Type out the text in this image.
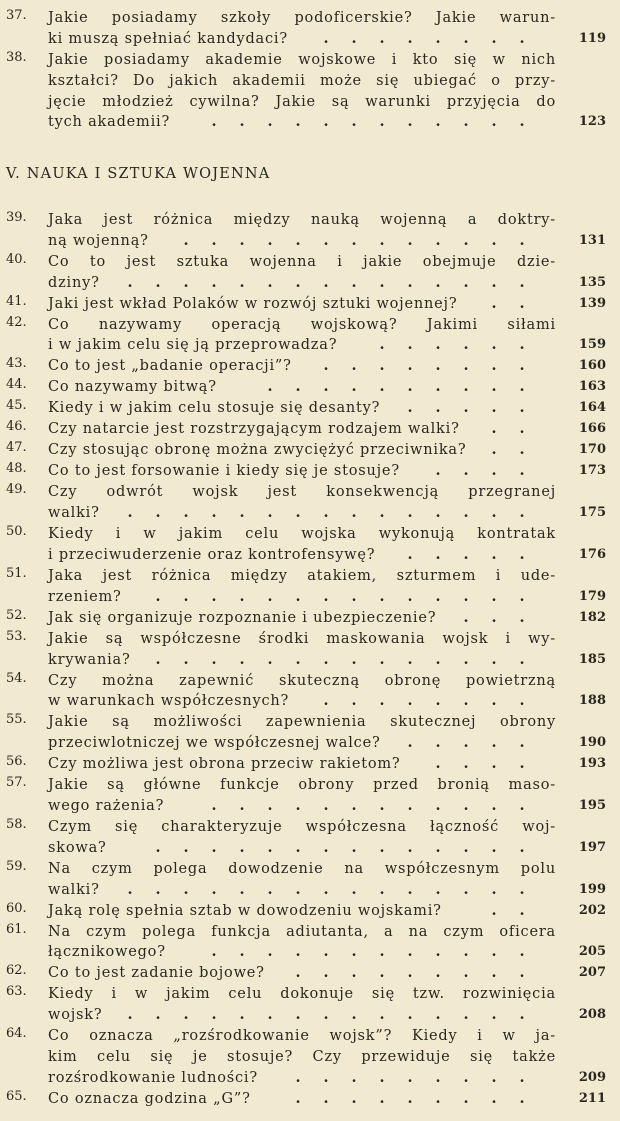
V. NAUKA I SZTUKA WOJENNA
37.	Jakie posiadamy szkoły podoficerskie? Jakie warun-
ki muszą spełniać kandydaci?	119
. . . . . . . .
38.	Jakie posiadamy akademie wojskowe i kto się w nich
kształci? Do jakich akademii może się ubiegać o przy-
jęcie młodzież cywilna? Jakie są warunki przyjęcia do
tych akademii?	123
. . . . . . . . . . . .
39.	Jaka jest różnica między nauką wojenną a doktry-
ną wojenną?	131
. . . . . . . . . . . . .
40.	Co to jest sztuka wojenna i jakie obejmuje dzie-
dziny?	135
. . . . . . . . . . . . . . .
41.	Jaki jest wkład Polaków w rozwój sztuki wojennej?	139
. .
42.	Co nazywamy operacją wojskową? Jakimi siłami
i w jakim celu się ją przeprowadza?	159
. . . . . .
43.	Co to jest „badanie operacji”?	160
. . . . . . . .
44.	Co nazywamy bitwą?	163
. . . . . . . . . .
45.	Kiedy i w jakim celu stosuje się desanty?	164
. . . . .
46.	Czy natarcie jest rozstrzygającym rodzajem walki?	166
. .
47.	Czy stosując obronę można zwyciężyć przeciwnika?	170
. .
48.	Co to jest forsowanie i kiedy się je stosuje?	173
. . . .
49.	Czy odwrót wojsk jest konsekwencją przegranej
walki?	175
. . . . . . . . . . . . . . .
50.	Kiedy i w jakim celu wojska wykonują kontratak
i przeciwuderzenie oraz kontrofensywę?	176
. . . . .
51.	Jaka jest różnica między atakiem, szturmem i ude-
rzeniem?	179
. . . . . . . . . . . . . .
52.	Jak się organizuje rozpoznanie i ubezpieczenie?	182
. . .
53.	Jakie są współczesne środki maskowania wojsk i wy-
krywania?	185
. . . . . . . . . . . . . .
54.	Czy można zapewnić skuteczną obronę powietrzną
w warunkach współczesnych?	188
. . . . . . . .
55.	Jakie są możliwości zapewnienia skutecznej obrony
przeciwlotniczej we współczesnej walce?	190
. . . . .
56.	Czy możliwa jest obrona przeciw rakietom?	193
. . . .
57.	Jakie są główne funkcje obrony przed bronią maso-
wego rażenia?	195
. . . . . . . . . . . .
58.	Czym się charakteryzuje współczesna łączność woj-
skowa?	197
. . . . . . . . . . . . . .
59.	Na czym polega dowodzenie na współczesnym polu
walki?	199
. . . . . . . . . . . . . . .
60.	Jaką rolę spełnia sztab w dowodzeniu wojskami?	202
. .
61.	Na czym polega funkcja adiutanta, a na czym oficera
łącznikowego?	205
. . . . . . . . . . . .
62.	Co to jest zadanie bojowe?	207
. . . . . . . . .
63.	Kiedy i w jakim celu dokonuje się tzw. rozwinięcia
wojsk?	208
. . . . . . . . . . . . . . .
64.	Co oznacza „rozśrodkowanie wojsk”? Kiedy i w ja-
kim celu się je stosuje? Czy przewiduje się także
rozśrodkowanie ludności?	209
. . . . . . . . .
65.	Co oznacza godzina „G”?	211
. . . . . . . . .
